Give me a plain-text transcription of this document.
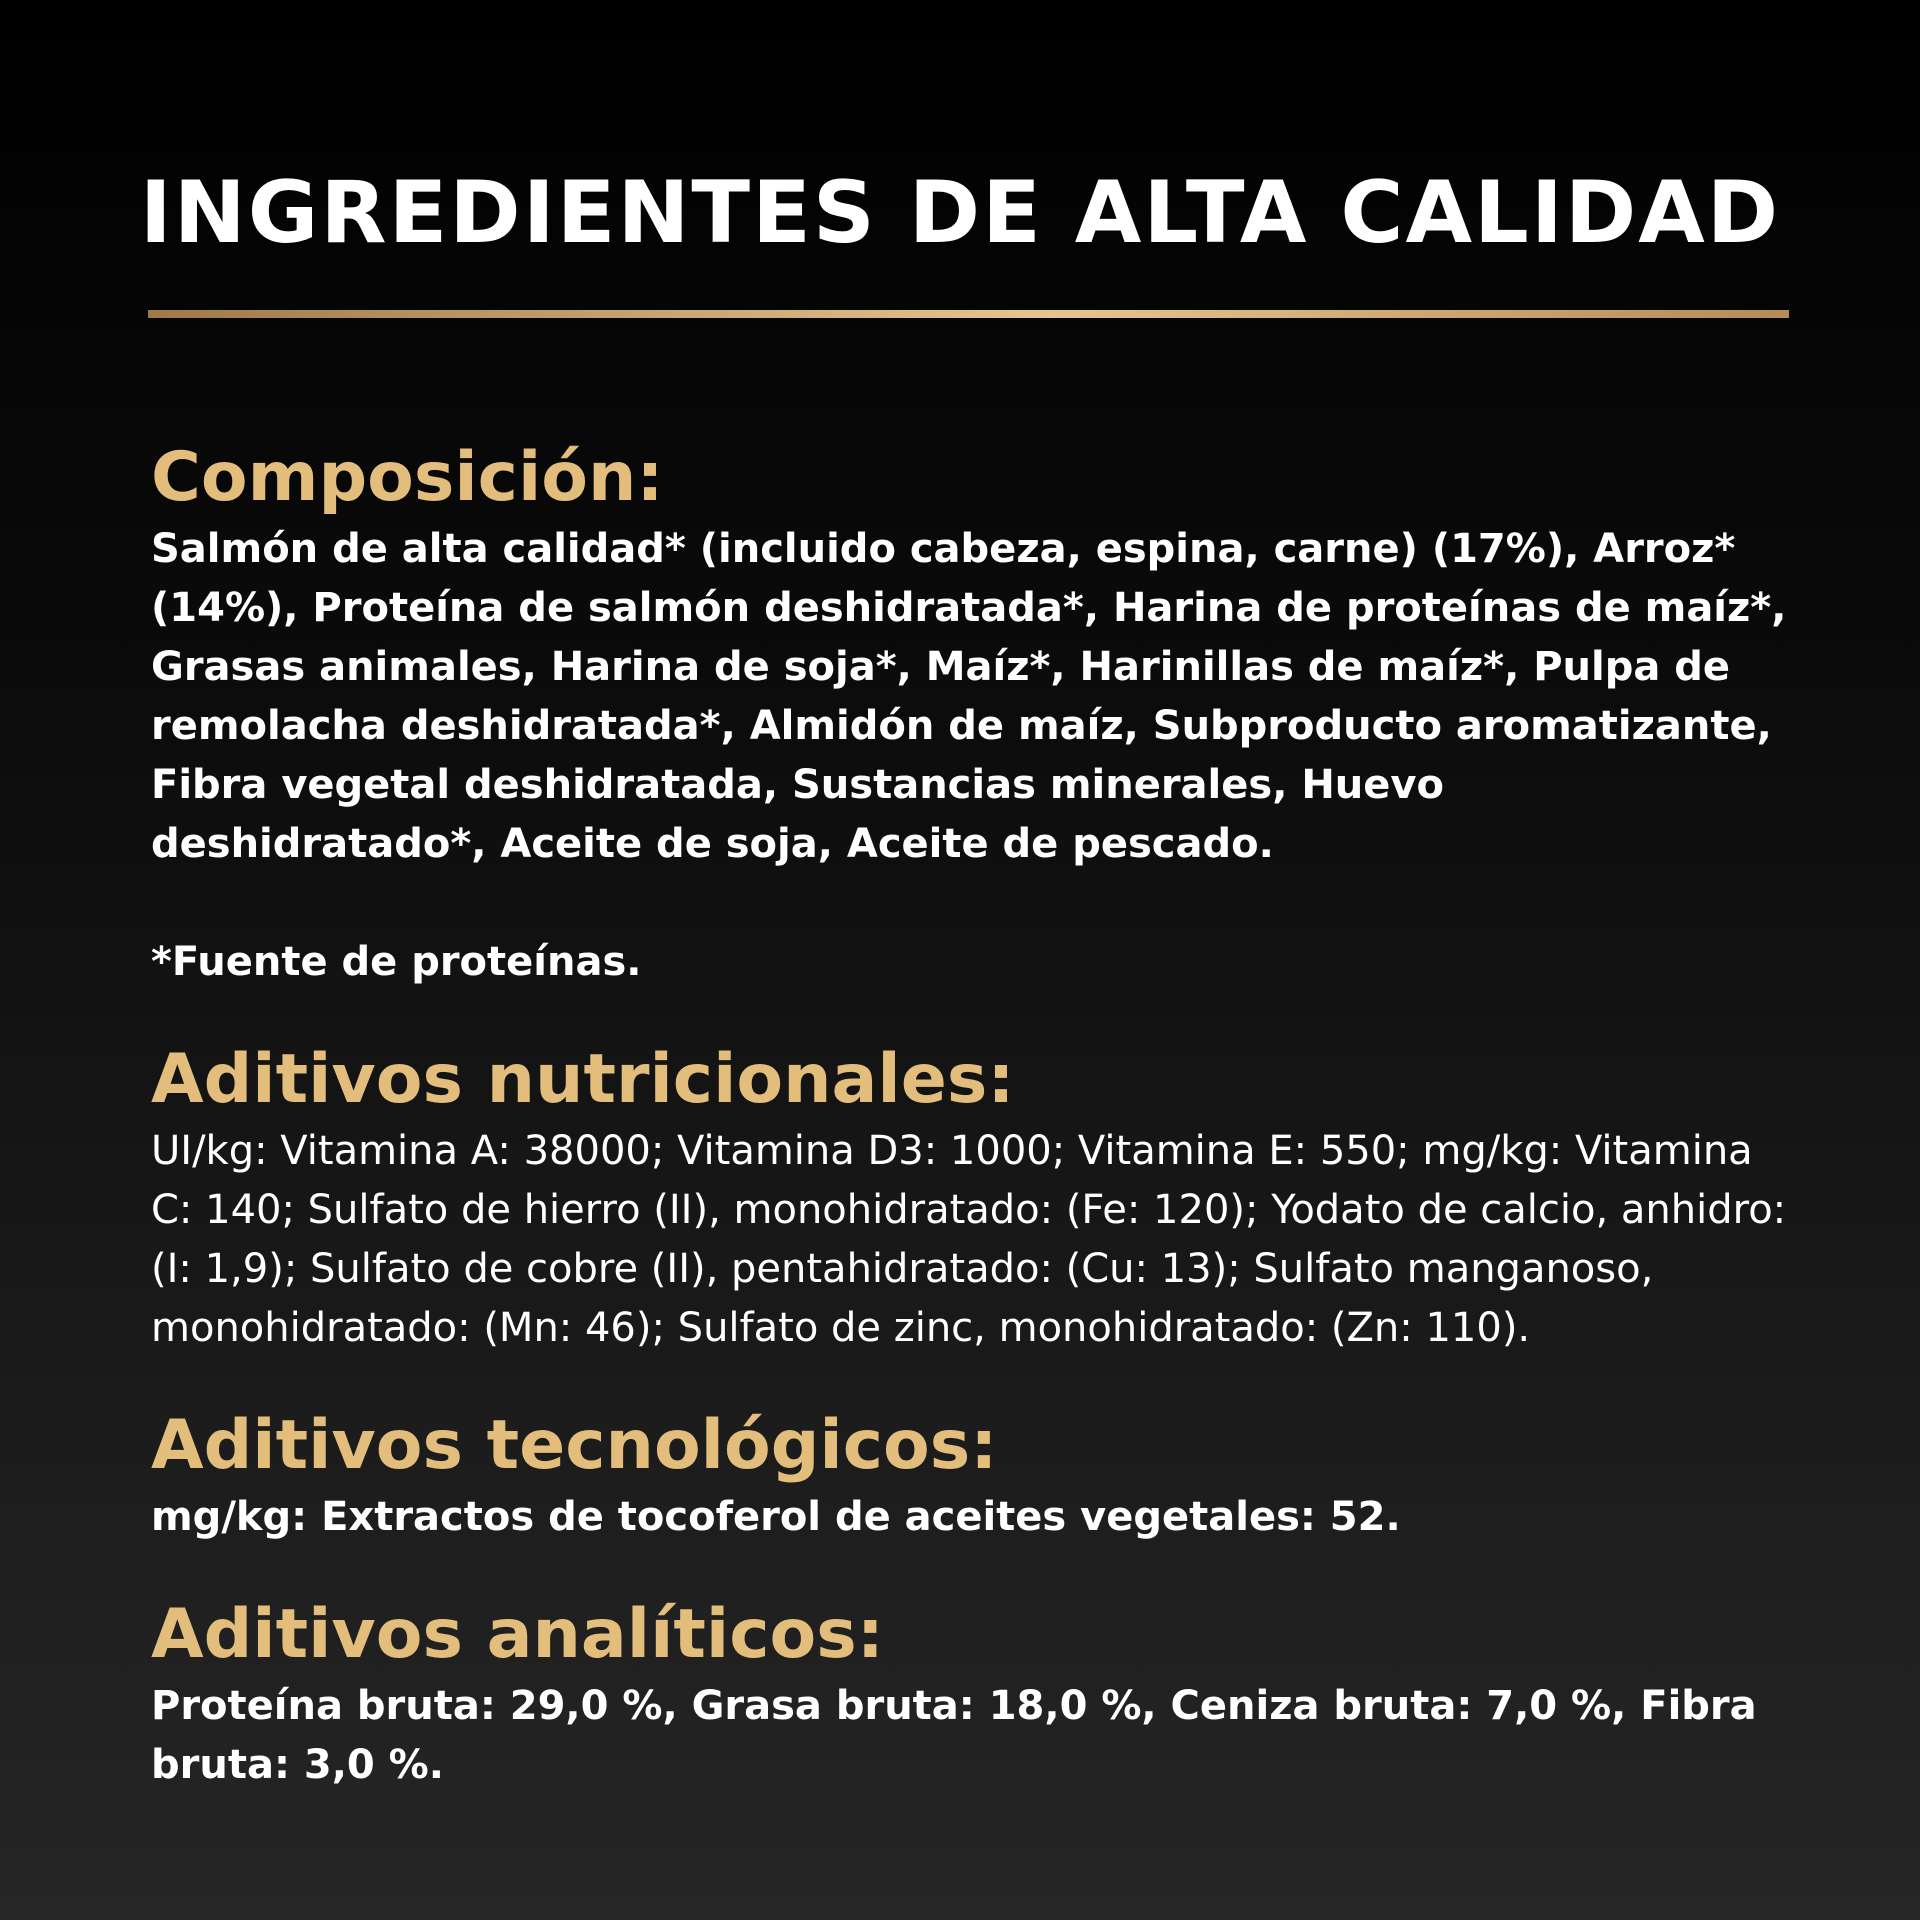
INGREDIENTES DE ALTA CALIDAD
Composición:

Salmón de alta calidad* (incluido cabeza, espina, carne) (17%), Arroz* (14%), Proteína de salmón deshidratada*, Harina de proteínas de maíz*, Grasas animales, Harina de soja*, Maíz*, Harinillas de maíz*, Pulpa de remolacha deshidratada*, Almidón de maíz, Subproducto aromatizante, Fibra vegetal deshidratada, Sustancias minerales, Huevo deshidratado*, Aceite de soja, Aceite de pescado.

*Fuente de proteínas.

Aditivos nutricionales:

UI/kg: Vitamina A: 38000; Vitamina D3: 1000; Vitamina E: 550; mg/kg: Vitamina C: 140; Sulfato de hierro (II), monohidratado: (Fe: 120); Yodato de calcio, anhidro: (I: 1,9); Sulfato de cobre (II), pentahidratado: (Cu: 13); Sulfato manganoso, monohidratado: (Mn: 46); Sulfato de zinc, monohidratado: (Zn: 110).

Aditivos tecnológicos:

mg/kg: Extractos de tocoferol de aceites vegetales: 52.

Aditivos analíticos:

Proteína bruta: 29,0 %, Grasa bruta: 18,0 %, Ceniza bruta: 7,0 %, Fibra bruta: 3,0 %.
